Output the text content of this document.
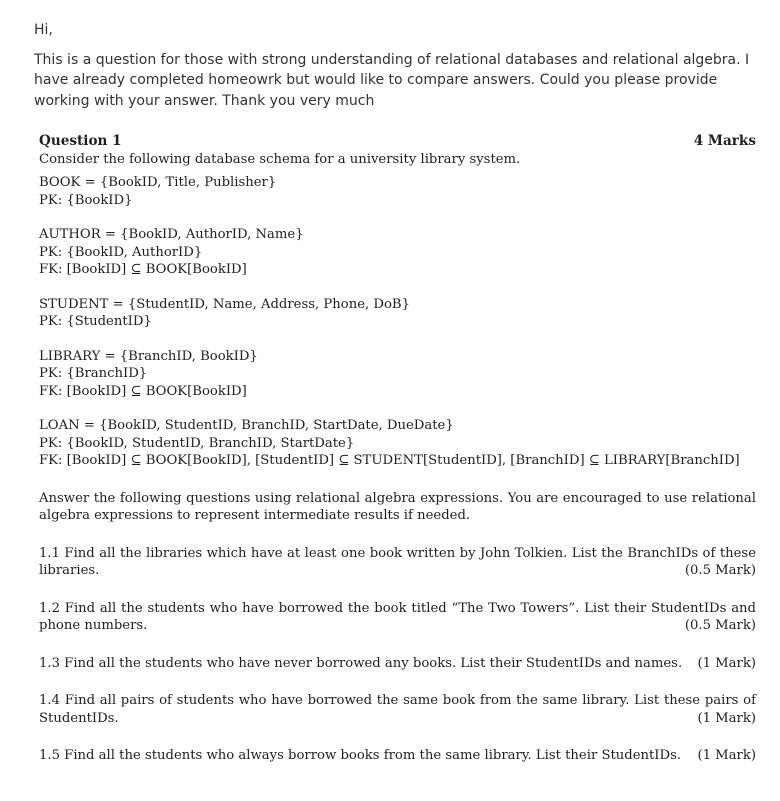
Hi,

This is a question for those with strong understanding of relational databases and relational algebra. I have already completed homeowrk but would like to compare answers. Could you please provide working with your answer. Thank you very much

Question 1	4 Marks
Consider the following database schema for a university library system.
BOOK = {BookID, Title, Publisher}
PK: {BookID}
AUTHOR = {BookID, AuthorID, Name}
PK: {BookID, AuthorID}
FK: [BookID] ⊆ BOOK[BookID]
STUDENT = {StudentID, Name, Address, Phone, DoB}
PK: {StudentID}
LIBRARY = {BranchID, BookID}
PK: {BranchID}
FK: [BookID] ⊆ BOOK[BookID]
LOAN = {BookID, StudentID, BranchID, StartDate, DueDate}
PK: {BookID, StudentID, BranchID, StartDate}
FK: [BookID] ⊆ BOOK[BookID], [StudentID] ⊆ STUDENT[StudentID], [BranchID] ⊆ LIBRARY[BranchID]
Answer the following questions using relational algebra expressions. You are encouraged to use relational algebra expressions to represent intermediate results if needed.
1.1 Find all the libraries which have at least one book written by John Tolkien. List the BranchIDs of these libraries.	(0.5 Mark)
1.2 Find all the students who have borrowed the book titled “The Two Towers”. List their StudentIDs and phone numbers.	(0.5 Mark)
1.3 Find all the students who have never borrowed any books. List their StudentIDs and names. (1 Mark)
1.4 Find all pairs of students who have borrowed the same book from the same library. List these pairs of StudentIDs.	(1 Mark)
1.5 Find all the students who always borrow books from the same library. List their StudentIDs. (1 Mark)
